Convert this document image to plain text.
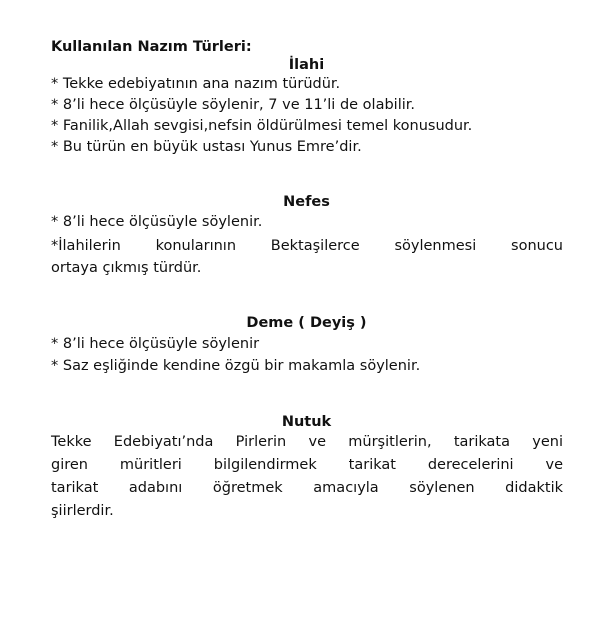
Kullanılan Nazım Türleri:
İlahi
* Tekke edebiyatının ana nazım türüdür.
* 8’li hece ölçüsüyle söylenir, 7 ve 11’li de olabilir.
* Fanilik,Allah sevgisi,nefsin öldürülmesi temel konusudur.
* Bu türün en büyük ustası Yunus Emre’dir.
Nefes
* 8’li hece ölçüsüyle söylenir.
*İlahilerin konularının Bektaşilerce söylenmesi sonucu
ortaya çıkmış türdür.
Deme ( Deyiş )
* 8’li hece ölçüsüyle söylenir
* Saz eşliğinde kendine özgü bir makamla söylenir.
Nutuk
Tekke Edebiyatı’nda Pirlerin ve mürşitlerin, tarikata yeni
giren müritleri bilgilendirmek tarikat derecelerini ve
tarikat adabını öğretmek amacıyla söylenen didaktik
şiirlerdir.
